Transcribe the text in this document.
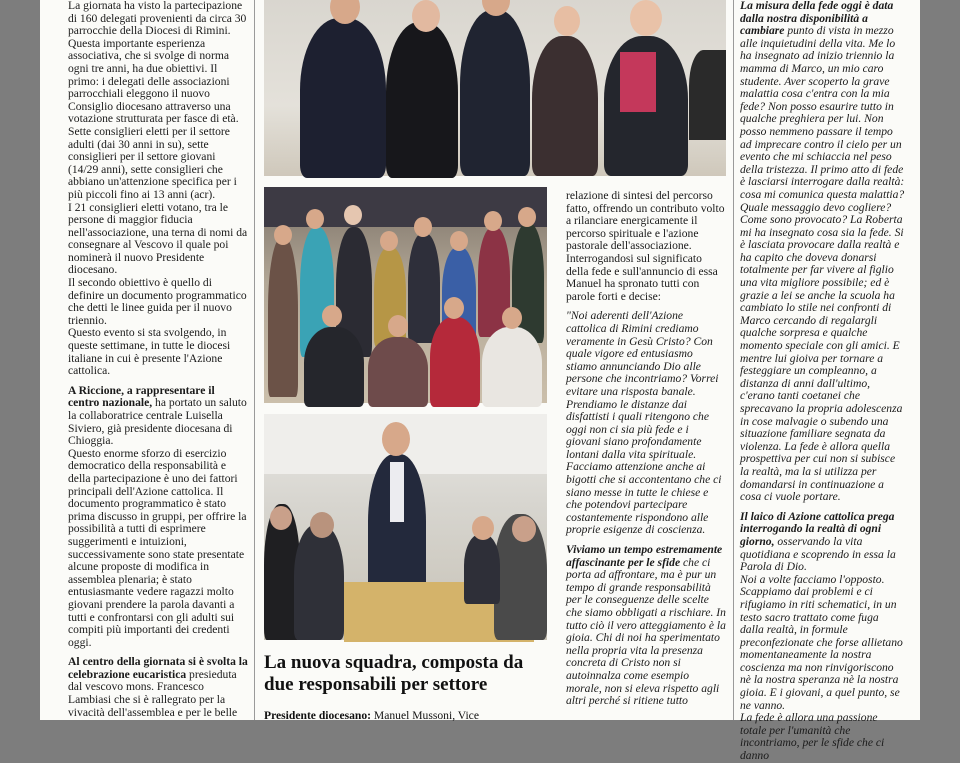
La giornata ha visto la partecipazione di 160 delegati provenienti da circa 30 parrocchie della Diocesi di Rimini. Questa importante esperienza associativa, che si svolge di norma ogni tre anni, ha due obiettivi. Il primo: i delegati delle associazioni parrocchiali eleggono il nuovo Consiglio diocesano attraverso una votazione strutturata per fasce di età. Sette consiglieri eletti per il settore adulti (dai 30 anni in su), sette consiglieri per il settore giovani (14/29 anni), sette consiglieri che abbiano un'attenzione specifica per i più piccoli fino ai 13 anni (acr).

I 21 consiglieri eletti votano, tra le persone di maggior fiducia nell'associazione, una terna di nomi da consegnare al Vescovo il quale poi nominerà il nuovo Presidente diocesano.

Il secondo obiettivo è quello di definire un documento programmatico che detti le linee guida per il nuovo triennio.

Questo evento si sta svolgendo, in queste settimane, in tutte le diocesi italiane in cui è presente l'Azione cattolica.

A Riccione, a rappresentare il centro nazionale, ha portato un saluto la collaboratrice centrale Luisella Siviero, già presidente diocesana di Chioggia.

Questo enorme sforzo di esercizio democratico della responsabilità e della partecipazione è uno dei fattori principali dell'Azione cattolica. Il documento programmatico è stato prima discusso in gruppi, per offrire la possibilità a tutti di esprimere suggerimenti e intuizioni, successivamente sono state presentate alcune proposte di modifica in assemblea plenaria; è stato entusiasmante vedere ragazzi molto giovani prendere la parola davanti a tutti e confrontarsi con gli adulti sui compiti più importanti dei credenti oggi.

Al centro della giornata si è svolta la celebrazione eucaristica presieduta dal vescovo mons. Francesco Lambiasi che si è rallegrato per la vivacità dell'assemblea e per le belle

La nuova squadra, composta da due responsabili per settore
Presidente diocesano: Manuel Mussoni, Vice

relazione di sintesi del percorso fatto, offrendo un contributo volto a rilanciare energicamente il percorso spirituale e l'azione pastorale dell'associazione.

Interrogandosi sul significato della fede e sull'annuncio di essa Manuel ha spronato tutti con parole forti e decise:

"Noi aderenti dell'Azione cattolica di Rimini crediamo veramente in Gesù Cristo? Con quale vigore ed entusiasmo stiamo annunciando Dio alle persone che incontriamo? Vorrei evitare una risposta banale. Prendiamo le distanze dai disfattisti i quali ritengono che oggi non ci sia più fede e i giovani siano profondamente lontani dalla vita spirituale.

Facciamo attenzione anche ai bigotti che si accontentano che ci siano messe in tutte le chiese e che potendovi partecipare costantemente rispondono alle proprie esigenze di coscienza.

Viviamo un tempo estremamente affascinante per le sfide che ci porta ad affrontare, ma è pur un tempo di grande responsabilità per le conseguenze delle scelte che siamo obbligati a rischiare. In tutto ciò il vero atteggiamento è la gioia. Chi di noi ha sperimentato nella propria vita la presenza concreta di Cristo non si autoinnalza come esempio morale, non si eleva rispetto agli altri perché si ritiene tutto

La misura della fede oggi è data dalla nostra disponibilità a cambiare punto di vista in mezzo alle inquietudini della vita. Me lo ha insegnato ad inizio triennio la mamma di Marco, un mio caro studente. Aver scoperto la grave malattia cosa c'entra con la mia fede? Non posso esaurire tutto in qualche preghiera per lui. Non posso nemmeno passare il tempo ad imprecare contro il cielo per un evento che mi schiaccia nel peso della tristezza. Il primo atto di fede è lasciarsi interrogare dalla realtà: cosa mi comunica questa malattia? Quale messaggio devo cogliere? Come sono provocato? La Roberta mi ha insegnato cosa sia la fede. Si è lasciata provocare dalla realtà e ha capito che doveva donarsi totalmente per far vivere al figlio una vita migliore possibile; ed è grazie a lei se anche la scuola ha cambiato lo stile nei confronti di Marco cercando di regalargli qualche sorpresa e qualche momento speciale con gli amici. E mentre lui gioiva per tornare a festeggiare un compleanno, a distanza di anni dall'ultimo, c'erano tanti coetanei che sprecavano la propria adolescenza in cose malvagie o subendo una situazione familiare segnata da violenza. La fede è allora quella prospettiva per cui non si subisce la realtà, ma la si utilizza per domandarsi in continuazione a cosa ci vuole portare.

Il laico di Azione cattolica prega interrogando la realtà di ogni giorno, osservando la vita quotidiana e scoprendo in essa la Parola di Dio.

Noi a volte facciamo l'opposto. Scappiamo dai problemi e ci rifugiamo in riti schematici, in un testo sacro trattato come fuga dalla realtà, in formule preconfezionate che forse allietano momentaneamente la nostra coscienza ma non rinvigoriscono nè la nostra speranza nè la nostra gioia. E i giovani, a quel punto, se ne vanno.

La fede è allora una passione totale per l'umanità che incontriamo, per le sfide che ci danno
